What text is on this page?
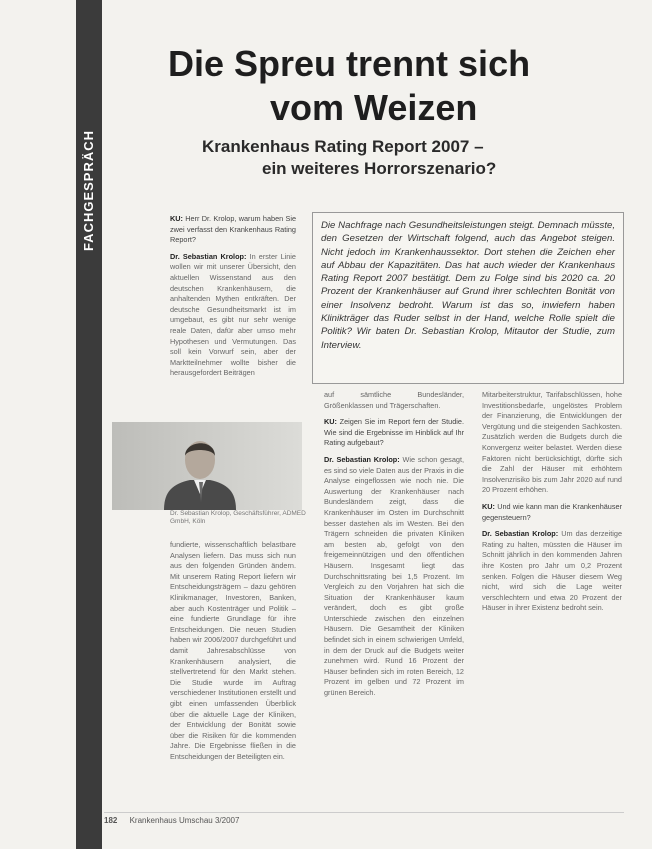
FACHGESPRÄCH
Die Spreu trennt sich
vom Weizen
Krankenhaus Rating Report 2007 –
ein weiteres Horrorszenario?
Die Nachfrage nach Gesundheitsleistungen steigt. Demnach müsste, den Gesetzen der Wirtschaft folgend, auch das Angebot steigen. Nicht jedoch im Krankenhaussektor. Dort stehen die Zeichen eher auf Abbau der Kapazitäten. Das hat auch wieder der Krankenhaus Rating Report 2007 bestätigt. Dem zu Folge sind bis 2020 ca. 20 Prozent der Krankenhäuser auf Grund ihrer schlechten Bonität von einer Insolvenz bedroht. Warum ist das so, inwiefern haben Klinikträger das Ruder selbst in der Hand, welche Rolle spielt die Politik? Wir baten Dr. Sebastian Krolop, Mitautor der Studie, zum Interview.

KU: Herr Dr. Krolop, warum haben Sie zwei verfasst den Krankenhaus Rating Report?

Dr. Sebastian Krolop: In erster Linie wollen wir mit unserer Übersicht, den aktuellen Wissenstand aus den deutschen Krankenhäusern, die anhaltenden Mythen entkräften. Der deutsche Gesundheitsmarkt ist im umgebaut, es gibt nur sehr wenige reale Daten, dafür aber umso mehr Hypothesen und Vermutungen. Das soll kein Vorwurf sein, aber der Marktteilnehmer wollte bisher die herausgefordert Beiträgen

Dr. Sebastian Krolop, Geschäftsführer, ADMED GmbH, Köln

fundierte, wissenschaftlich belastbare Analysen liefern. Das muss sich nun aus den folgenden Gründen ändern. Mit unserem Rating Report liefern wir Entscheidungsträgern – dazu gehören Klinikmanager, Investoren, Banken, aber auch Kostenträger und Politik – eine fundierte Grundlage für ihre Entscheidungen. Die neuen Studien haben wir 2006/2007 durchgeführt und damit Jahresabschlüsse von Krankenhäusern analysiert, die stellvertretend für den Markt stehen. Die Studie wurde im Auftrag verschiedener Institutionen erstellt und gibt einen umfassenden Überblick über die aktuelle Lage der Kliniken, der Entwicklung der Bonität sowie über die Risiken für die kommenden Jahre. Die Ergebnisse fließen in die Entscheidungen der Beteiligten ein.

auf sämtliche Bundesländer, Größenklassen und Trägerschaften.

KU: Zeigen Sie im Report fern der Studie. Wie sind die Ergebnisse im Hinblick auf Ihr Rating aufgebaut?

Dr. Sebastian Krolop: Wie schon gesagt, es sind so viele Daten aus der Praxis in die Analyse eingeflossen wie noch nie. Die Auswertung der Krankenhäuser nach Bundesländern zeigt, dass die Krankenhäuser im Osten im Durchschnitt besser dastehen als im Westen. Bei den Trägern schneiden die privaten Kliniken am besten ab, gefolgt von den freigemeinnützigen und den öffentlichen Häusern. Insgesamt liegt das Durchschnittsrating bei 1,5 Prozent. Im Vergleich zu den Vorjahren hat sich die Situation der Krankenhäuser kaum verändert, doch es gibt große Unterschiede zwischen den einzelnen Häusern. Die Gesamtheit der Kliniken befindet sich in einem schwierigen Umfeld, in dem der Druck auf die Budgets weiter zunehmen wird. Rund 16 Prozent der Häuser befinden sich im roten Bereich, 12 Prozent im gelben und 72 Prozent im grünen Bereich.

Mitarbeiterstruktur, Tarifabschlüssen, hohe Investitionsbedarfe, ungelöstes Problem der Finanzierung, die Entwicklungen der Vergütung und die steigenden Sachkosten. Zusätzlich werden die Budgets durch die Konvergenz weiter belastet. Werden diese Faktoren nicht berücksichtigt, dürfte sich die Zahl der Häuser mit erhöhtem Insolvenzrisiko bis zum Jahr 2020 auf rund 20 Prozent erhöhen.

KU: Und wie kann man die Krankenhäuser gegensteuern?

Dr. Sebastian Krolop: Um das derzeitige Rating zu halten, müssten die Häuser im Schnitt jährlich in den kommenden Jahren ihre Kosten pro Jahr um 0,2 Prozent senken. Folgen die Häuser diesem Weg nicht, wird sich die Lage weiter verschlechtern und etwa 20 Prozent der Häuser in ihrer Existenz bedroht sein.

182 Krankenhaus Umschau 3/2007
